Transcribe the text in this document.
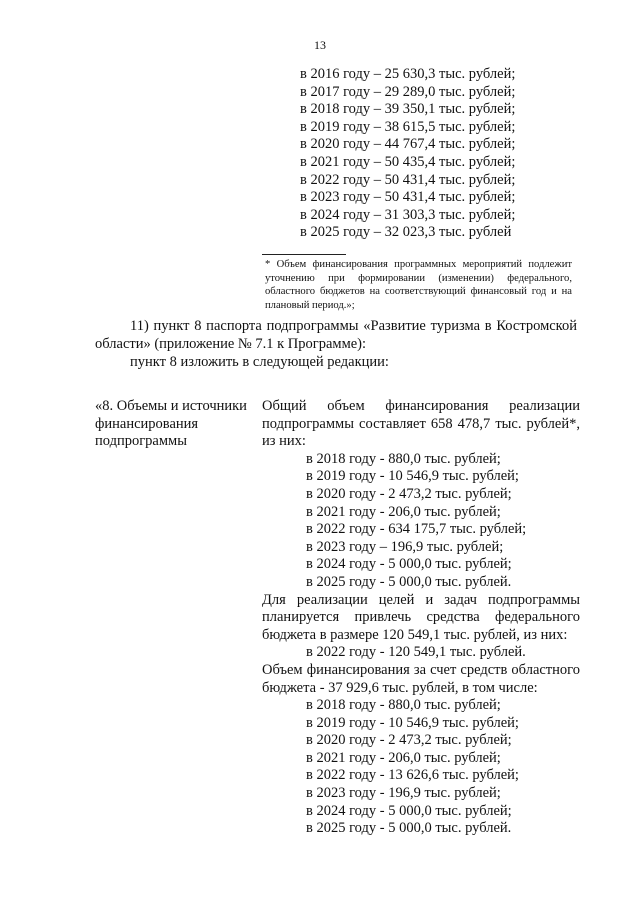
13
в 2016 году – 25 630,3 тыс. рублей;
в 2017 году – 29 289,0 тыс. рублей;
в 2018 году – 39 350,1 тыс. рублей;
в 2019 году – 38 615,5 тыс. рублей;
в 2020 году – 44 767,4 тыс. рублей;
в 2021 году – 50 435,4 тыс. рублей;
в 2022 году – 50 431,4 тыс. рублей;
в 2023 году – 50 431,4 тыс. рублей;
в 2024 году – 31 303,3 тыс. рублей;
в 2025 году – 32 023,3 тыс. рублей
* Объем финансирования программных мероприятий подлежит уточнению при формировании (изменении) федерального, областного бюджетов на соответствующий финансовый год и на плановый период.»;
11) пункт 8 паспорта подпрограммы «Развитие туризма в Костромской области» (приложение № 7.1 к Программе):
пункт 8 изложить в следующей редакции:
«8. Объемы и источники финансирования подпрограммы
Общий объем финансирования реализации подпрограммы составляет 658 478,7 тыс. рублей*, из них:
в 2018 году - 880,0 тыс. рублей;
в 2019 году - 10 546,9 тыс. рублей;
в 2020 году - 2 473,2 тыс. рублей;
в 2021 году - 206,0 тыс. рублей;
в 2022 году - 634 175,7 тыс. рублей;
в 2023 году – 196,9 тыс. рублей;
в 2024 году - 5 000,0 тыс. рублей;
в 2025 году - 5 000,0 тыс. рублей.
Для реализации целей и задач подпрограммы планируется привлечь средства федерального бюджета в размере 120 549,1 тыс. рублей, из них:
в 2022 году - 120 549,1 тыс. рублей.
Объем финансирования за счет средств областного бюджета - 37 929,6 тыс. рублей, в том числе:
в 2018 году - 880,0 тыс. рублей;
в 2019 году - 10 546,9 тыс. рублей;
в 2020 году - 2 473,2 тыс. рублей;
в 2021 году - 206,0 тыс. рублей;
в 2022 году - 13 626,6 тыс. рублей;
в 2023 году - 196,9 тыс. рублей;
в 2024 году - 5 000,0 тыс. рублей;
в 2025 году - 5 000,0 тыс. рублей.
